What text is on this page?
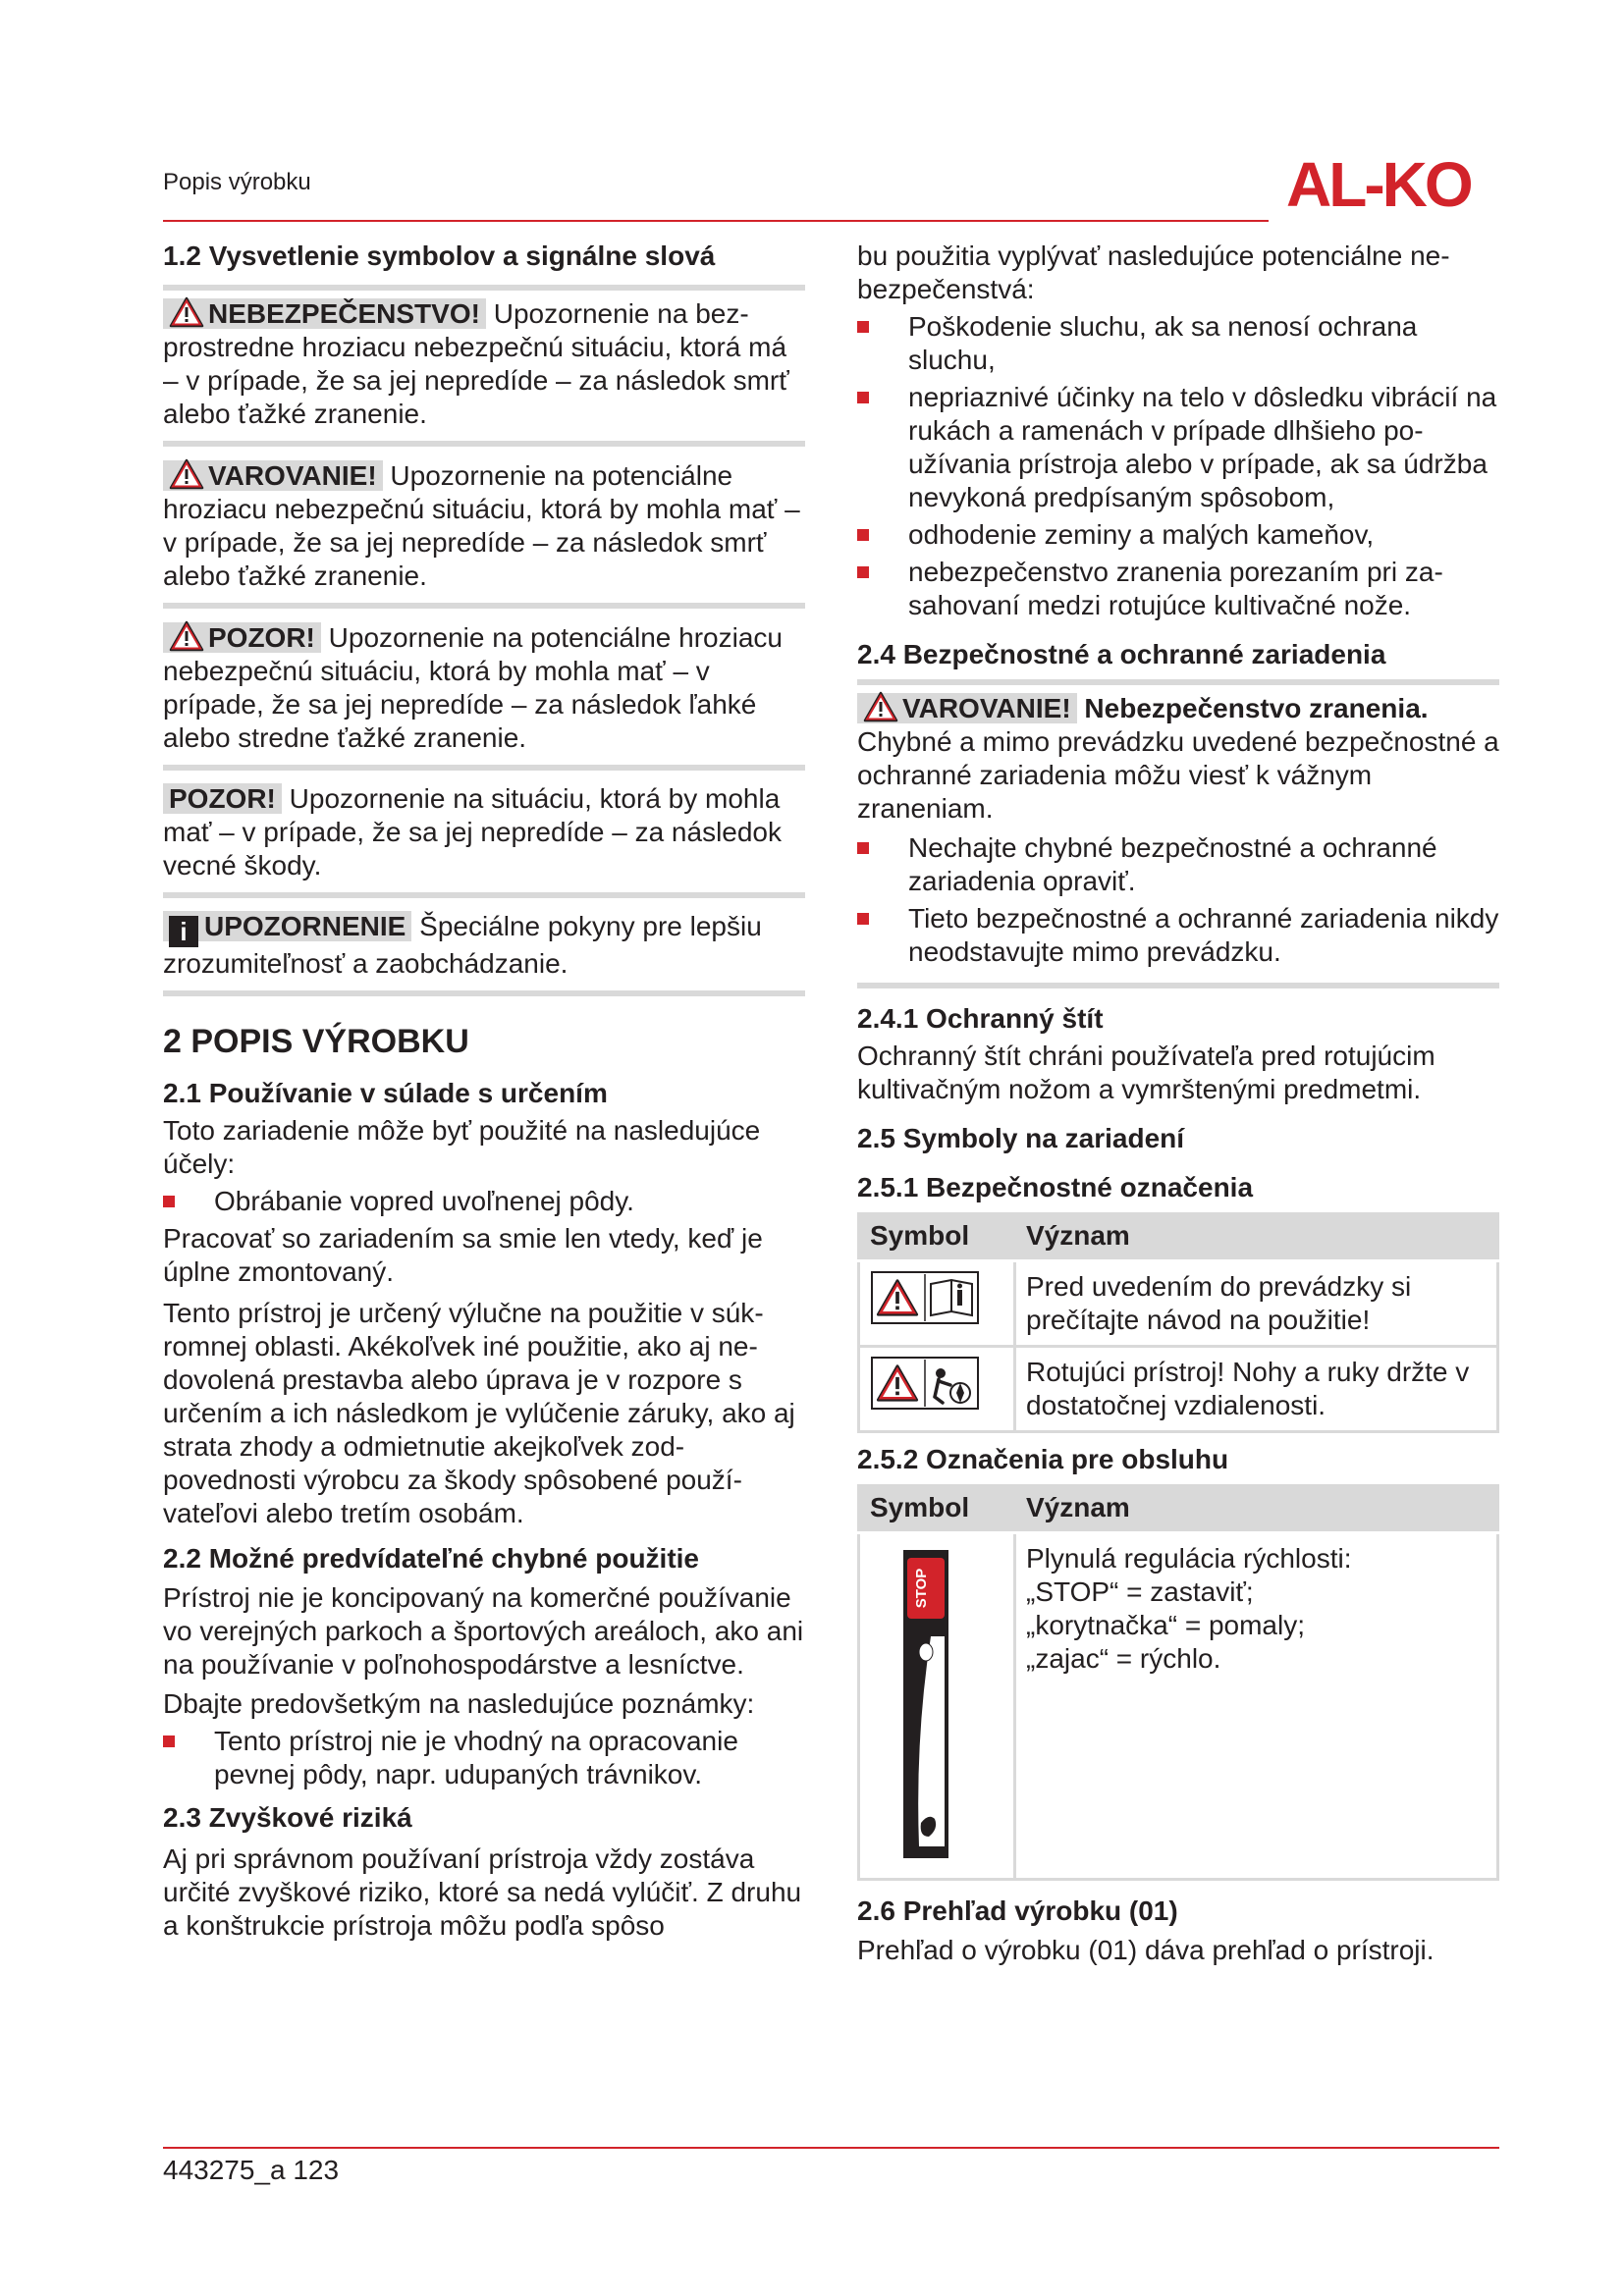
Popis výrobku	AL-KO

1.2 Vysvetlenie symbolov a signálne slová

NEBEZPEČENSTVO! Upozornenie na bezprostredne hroziacu nebezpečnú situáciu, ktorá má – v prípade, že sa jej nepredíde – za následok smrť alebo ťažké zranenie.

VAROVANIE! Upozornenie na potenciálne hroziacu nebezpečnú situáciu, ktorá by mohla mať – v prípade, že sa jej nepredíde – za následok smrť alebo ťažké zranenie.

POZOR! Upozornenie na potenciálne hroziacu nebezpečnú situáciu, ktorá by mohla mať – v prípade, že sa jej nepredíde – za následok ľahké alebo stredne ťažké zranenie.

POZOR! Upozornenie na situáciu, ktorá by mohla mať – v prípade, že sa jej nepredíde – za následok vecné škody.

i UPOZORNENIE Špeciálne pokyny pre lepšiu zrozumiteľnosť a zaobchádzanie.

2 POPIS VÝROBKU

2.1 Používanie v súlade s určením

Toto zariadenie môže byť použité na nasledujúce účely:

Obrábanie vopred uvoľnenej pôdy.

Pracovať so zariadením sa smie len vtedy, keď je úplne zmontovaný.

Tento prístroj je určený výlučne na použitie v súkromnej oblasti. Akékoľvek iné použitie, ako aj nedovolená prestavba alebo úprava je v rozpore s určením a ich následkom je vylúčenie záruky, ako aj strata zhody a odmietnutie akejkoľvek zodpovednosti výrobcu za škody spôsobené používateľovi alebo tretím osobám.

2.2 Možné predvídateľné chybné použitie

Prístroj nie je koncipovaný na komerčné používanie vo verejných parkoch a športových areáloch, ako ani na používanie v poľnohospodárstve a lesníctve.

Dbajte predovšetkým na nasledujúce poznámky:

Tento prístroj nie je vhodný na opracovanie pevnej pôdy, napr. udupaných trávnikov.

2.3 Zvyškové riziká

Aj pri správnom používaní prístroja vždy zostáva určité zvyškové riziko, ktoré sa nedá vylúčiť. Z druhu a konštrukcie prístroja môžu podľa spôso

bu použitia vyplývať nasledujúce potenciálne nebezpečenstvá:

Poškodenie sluchu, ak sa nenosí ochrana sluchu,
nepriaznivé účinky na telo v dôsledku vibrácií na rukách a ramenách v prípade dlhšieho používania prístroja alebo v prípade, ak sa údržba nevykoná predpísaným spôsobom,
odhodenie zeminy a malých kameňov,
nebezpečenstvo zranenia porezaním pri zasahovaní medzi rotujúce kultivačné nože.

2.4 Bezpečnostné a ochranné zariadenia

VAROVANIE! Nebezpečenstvo zranenia.

Chybné a mimo prevádzku uvedené bezpečnostné a ochranné zariadenia môžu viesť k vážnym zraneniam.

Nechajte chybné bezpečnostné a ochranné zariadenia opraviť.
Tieto bezpečnostné a ochranné zariadenia nikdy neodstavujte mimo prevádzku.

2.4.1 Ochranný štít

Ochranný štít chráni používateľa pred rotujúcim kultivačným nožom a vymrštenými predmetmi.

2.5 Symboly na zariadení

2.5.1 Bezpečnostné označenia

Symbol	Význam
	Pred uvedením do prevádzky si prečítajte návod na použitie!
	Rotujúci prístroj! Nohy a ruky držte v dostatočnej vzdialenosti.

2.5.2 Označenia pre obsluhu

Symbol	Význam

STOP	Plynulá regulácia rýchlosti:
„STOP“ = zastaviť;
„korytnačka“ = pomaly;
„zajac“ = rýchlo.

2.6 Prehľad výrobku (01)

Prehľad o výrobku (01) dáva prehľad o prístroji.

443275_a 123
